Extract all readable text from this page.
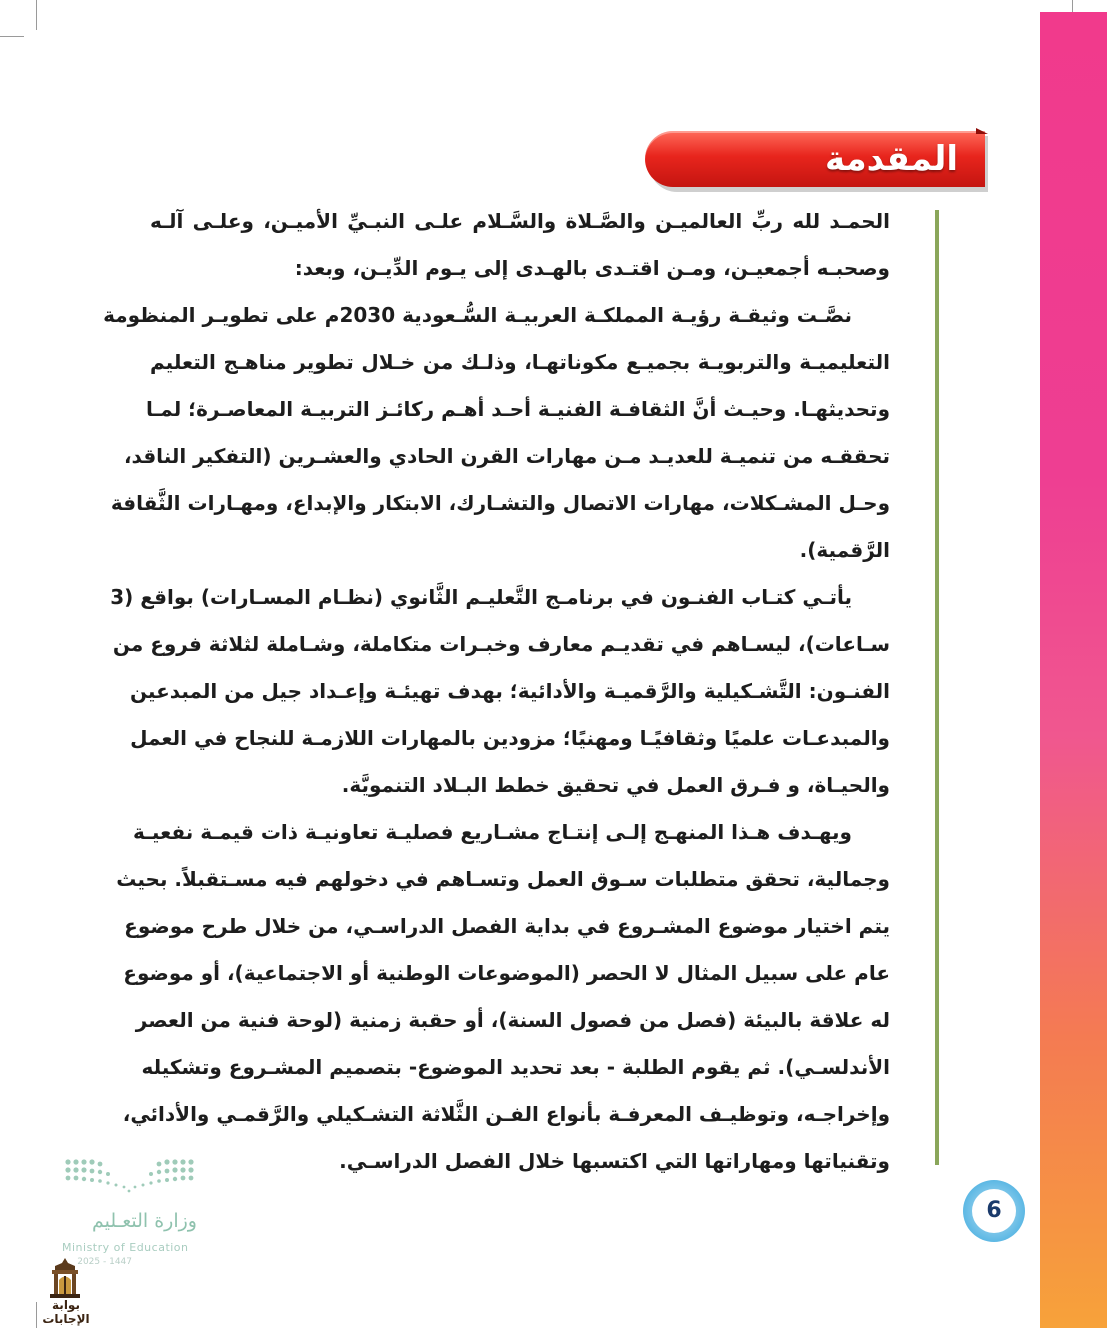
المقدمة
الحمـد لله ربِّ العالميـن والصَّـلاة والسَّـلام علـى النبـيِّ الأميـن، وعلـى آلـه
وصحبـه أجمعيـن، ومـن اقتـدى بالهـدى إلى يـوم الدِّيـن، وبعد:
نصَّـت وثيقـة رؤيـة المملكـة العربيـة السُّـعودية 2030م على تطويـر المنظومة
التعليميـة والتربويـة بجميـع مكوناتهـا، وذلـك من خـلال تطوير مناهـج التعليم
وتحديثهـا. وحيـث أنَّ الثقافـة الفنيـة أحـد أهـم ركائـز التربيـة المعاصـرة؛ لمـا
تحققـه من تنميـة للعديـد مـن مهارات القرن الحادي والعشـرين (التفكير الناقد،
وحـل المشـكلات، مهارات الاتصال والتشـارك، الابتكار والإبداع، ومهـارات الثَّقافة
الرَّقمية).
يأتـي كتـاب الفنـون في برنامـج التَّعليـم الثَّانوي (نظـام المسـارات) بواقع (3
سـاعات)، ليسـاهم في تقديـم معارف وخبـرات متكاملة، وشـاملة لثلاثة فروع من
الفنـون: التَّشـكيلية والرَّقميـة والأدائية؛ بهدف تهيئـة وإعـداد جيل من المبدعين
والمبدعـات علميًا وثقافيًـا ومهنيًا؛ مزودين بالمهارات اللازمـة للنجاح في العمل
والحيـاة، و فـرق العمل في تحقيق خطط البـلاد التنمويَّة.
ويهـدف هـذا المنهـج إلـى إنتـاج مشـاريع فصليـة تعاونيـة ذات قيمـة نفعيـة
وجمالية، تحقق متطلبات سـوق العمل وتسـاهم في دخولهم فيه مسـتقبلاً. بحيث
يتم اختيار موضوع المشـروع في بداية الفصل الدراسـي، من خلال طرح موضوع
عام على سبيل المثال لا الحصر (الموضوعات الوطنية أو الاجتماعية)، أو موضوع
له علاقة بالبيئة (فصل من فصول السنة)، أو حقبة زمنية (لوحة فنية من العصر
الأندلسـي). ثم يقوم الطلبة - بعد تحديد الموضوع- بتصميم المشـروع وتشكيله
وإخراجـه، وتوظيـف المعرفـة بأنواع الفـن الثَّلاثة التشـكيلي والرَّقمـي والأدائي،
وتقنياتها ومهاراتها التي اكتسبها خلال الفصل الدراسـي.
6
وزارة التعـليم
Ministry of Education
2025 - 1447
بوابة الإجابات
